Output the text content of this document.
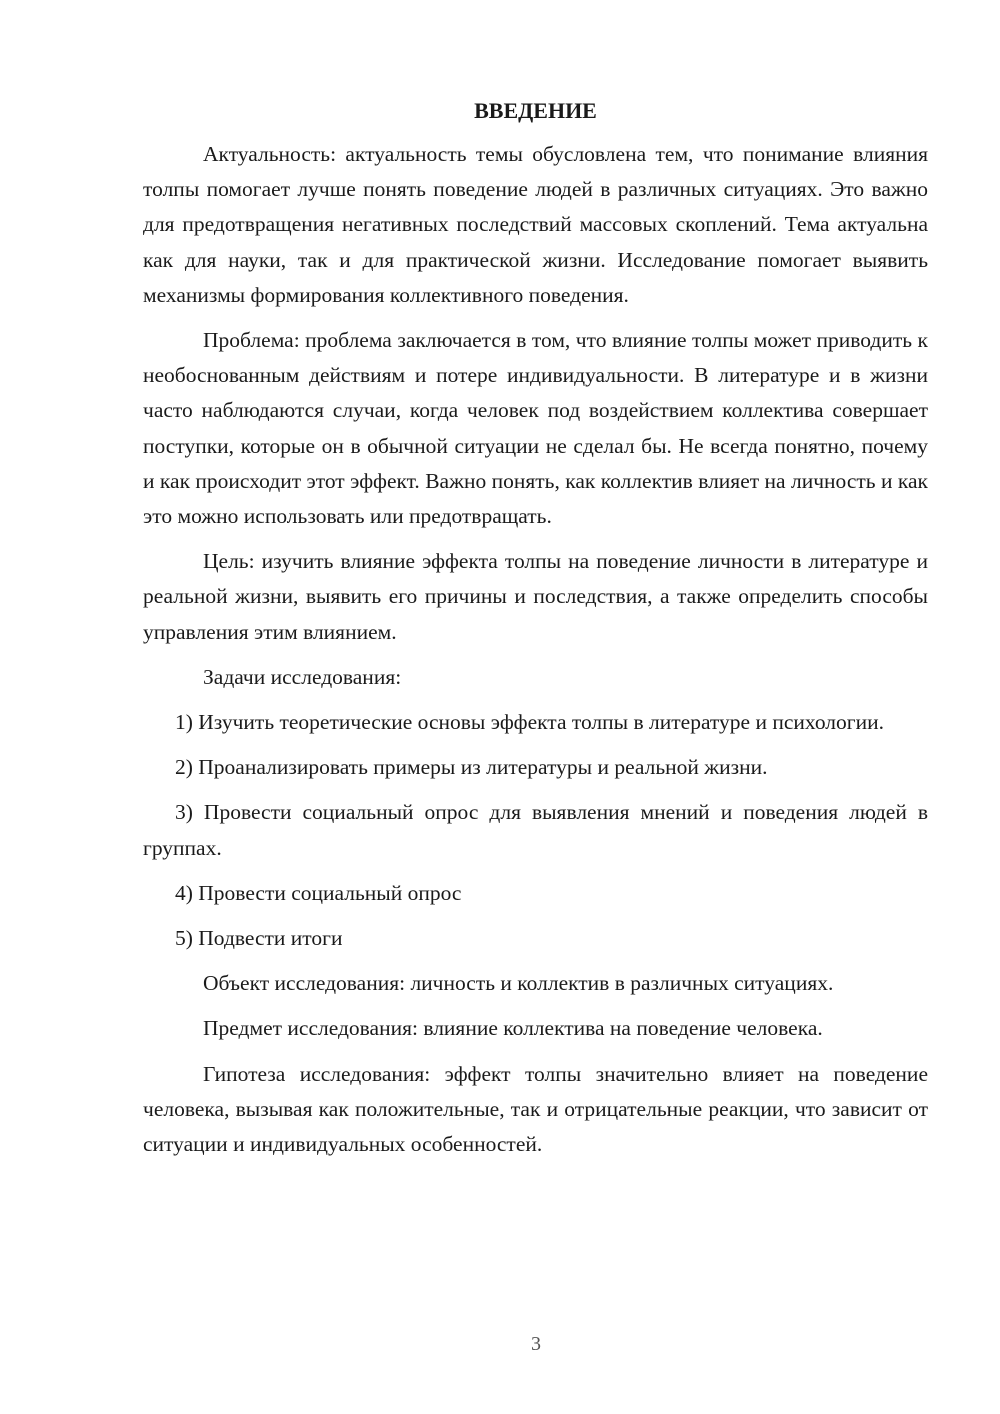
ВВЕДЕНИЕ

Актуальность: актуальность темы обусловлена тем, что понимание влияния толпы помогает лучше понять поведение людей в различных ситуациях. Это важно для предотвращения негативных последствий массовых скоплений. Тема актуальна как для науки, так и для практической жизни. Исследование помогает выявить механизмы формирования коллективного поведения.

Проблема: проблема заключается в том, что влияние толпы может приводить к необоснованным действиям и потере индивидуальности. В литературе и в жизни часто наблюдаются случаи, когда человек под воздействием коллектива совершает поступки, которые он в обычной ситуации не сделал бы. Не всегда понятно, почему и как происходит этот эффект. Важно понять, как коллектив влияет на личность и как это можно использовать или предотвращать.

Цель: изучить влияние эффекта толпы на поведение личности в литературе и реальной жизни, выявить его причины и последствия, а также определить способы управления этим влиянием.

Задачи исследования:

1) Изучить теоретические основы эффекта толпы в литературе и психологии.

2) Проанализировать примеры из литературы и реальной жизни.

3) Провести социальный опрос для выявления мнений и поведения людей в группах.

4) Провести социальный опрос

5) Подвести итоги

Объект исследования: личность и коллектив в различных ситуациях.

Предмет исследования: влияние коллектива на поведение человека.

Гипотеза исследования: эффект толпы значительно влияет на поведение человека, вызывая как положительные, так и отрицательные реакции, что зависит от ситуации и индивидуальных особенностей.

3
